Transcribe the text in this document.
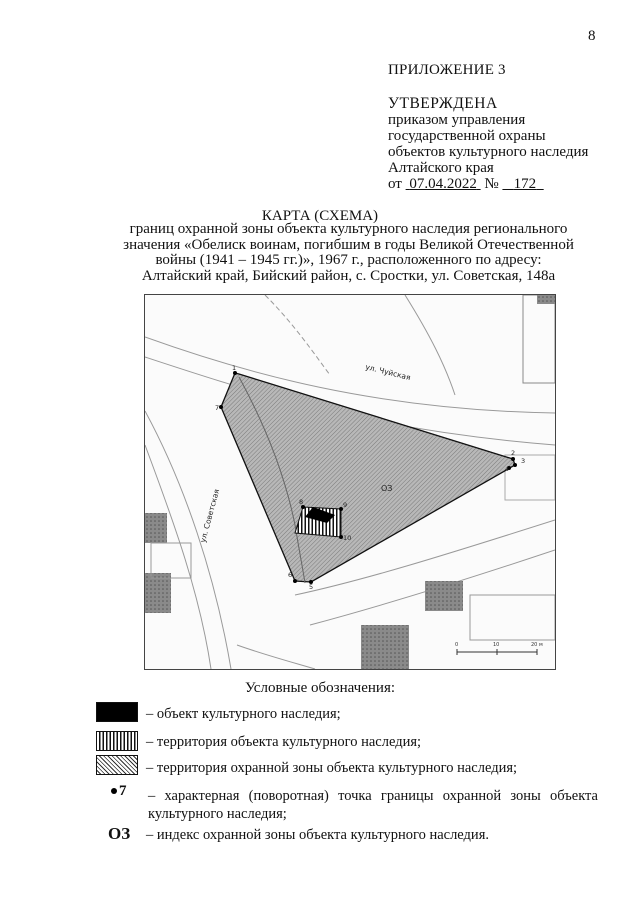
8
ПРИЛОЖЕНИЕ 3
УТВЕРЖДЕНА
приказом управления
государственной охраны
объектов культурного наследия
Алтайского края
от 07.04.2022 № 172
КАРТА (СХЕМА)
границ охранной зоны объекта культурного наследия регионального
значения «Обелиск воинам, погибшим в годы Великой Отечественной
войны (1941 – 1945 гг.)», 1967 г., расположенного по адресу:
Алтайский край, Бийский район, с. Сростки, ул. Советская, 148а
ул. Чуйская
ул. Советская	ОЗ
1
2
3
4
5
6
7
8	9
10
0	10	20 м
Условные обозначения:
– объект культурного наследия;
– территория объекта культурного наследия;
– территория охранной зоны объекта культурного наследия;
7 – характерная (поворотная) точка границы охранной зоны объекта культурного наследия;
ОЗ – индекс охранной зоны объекта культурного наследия.
